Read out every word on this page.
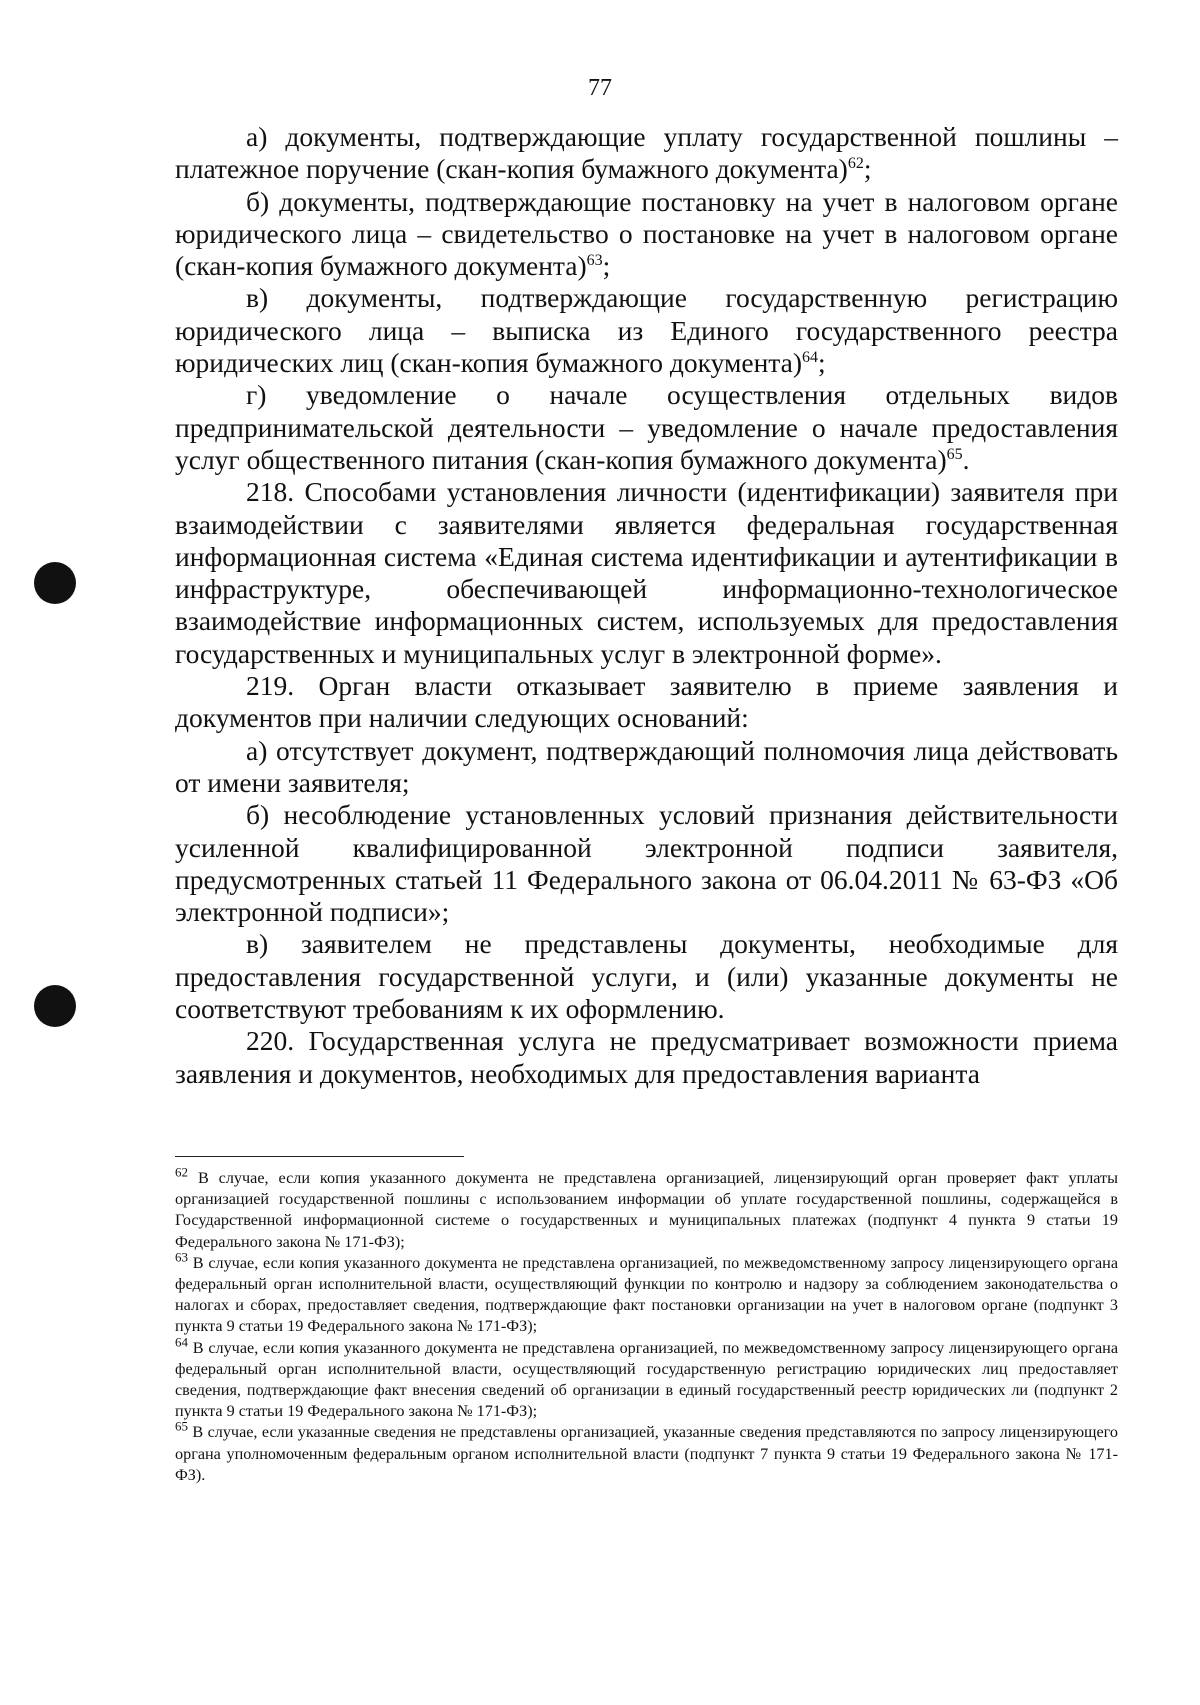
77

а) документы, подтверждающие уплату государственной пошлины – платежное поручение (скан-копия бумажного документа)$^{62}$;

б) документы, подтверждающие постановку на учет в налоговом органе юридического лица – свидетельство о постановке на учет в налоговом органе (скан-копия бумажного документа)$^{63}$;

в) документы, подтверждающие государственную регистрацию юридического лица – выписка из Единого государственного реестра юридических лиц (скан-копия бумажного документа)$^{64}$;

г) уведомление о начале осуществления отдельных видов предпринимательской деятельности – уведомление о начале предоставления услуг общественного питания (скан-копия бумажного документа)$^{65}$.

218. Способами установления личности (идентификации) заявителя при взаимодействии с заявителями является федеральная государственная информационная система «Единая система идентификации и аутентификации в инфраструктуре, обеспечивающей информационно-технологическое взаимодействие информационных систем, используемых для предоставления государственных и муниципальных услуг в электронной форме».

219. Орган власти отказывает заявителю в приеме заявления и документов при наличии следующих оснований:

а) отсутствует документ, подтверждающий полномочия лица действовать от имени заявителя;

б) несоблюдение установленных условий признания действительности усиленной квалифицированной электронной подписи заявителя, предусмотренных статьей 11 Федерального закона от 06.04.2011 № 63-ФЗ «Об электронной подписи»;

в) заявителем не представлены документы, необходимые для предоставления государственной услуги, и (или) указанные документы не соответствуют требованиям к их оформлению.

220. Государственная услуга не предусматривает возможности приема заявления и документов, необходимых для предоставления варианта

$^{62}$ В случае, если копия указанного документа не представлена организацией, лицензирующий орган проверяет факт уплаты организацией государственной пошлины с использованием информации об уплате государственной пошлины, содержащейся в Государственной информационной системе о государственных и муниципальных платежах (подпункт 4 пункта 9 статьи 19 Федерального закона № 171-ФЗ);

$^{63}$ В случае, если копия указанного документа не представлена организацией, по межведомственному запросу лицензирующего органа федеральный орган исполнительной власти, осуществляющий функции по контролю и надзору за соблюдением законодательства о налогах и сборах, предоставляет сведения, подтверждающие факт постановки организации на учет в налоговом органе (подпункт 3 пункта 9 статьи 19 Федерального закона № 171-ФЗ);

$^{64}$ В случае, если копия указанного документа не представлена организацией, по межведомственному запросу лицензирующего органа федеральный орган исполнительной власти, осуществляющий государственную регистрацию юридических лиц предоставляет сведения, подтверждающие факт внесения сведений об организации в единый государственный реестр юридических ли (подпункт 2 пункта 9 статьи 19 Федерального закона № 171-ФЗ);

$^{65}$ В случае, если указанные сведения не представлены организацией, указанные сведения представляются по запросу лицензирующего органа уполномоченным федеральным органом исполнительной власти (подпункт 7 пункта 9 статьи 19 Федерального закона № 171-ФЗ).
